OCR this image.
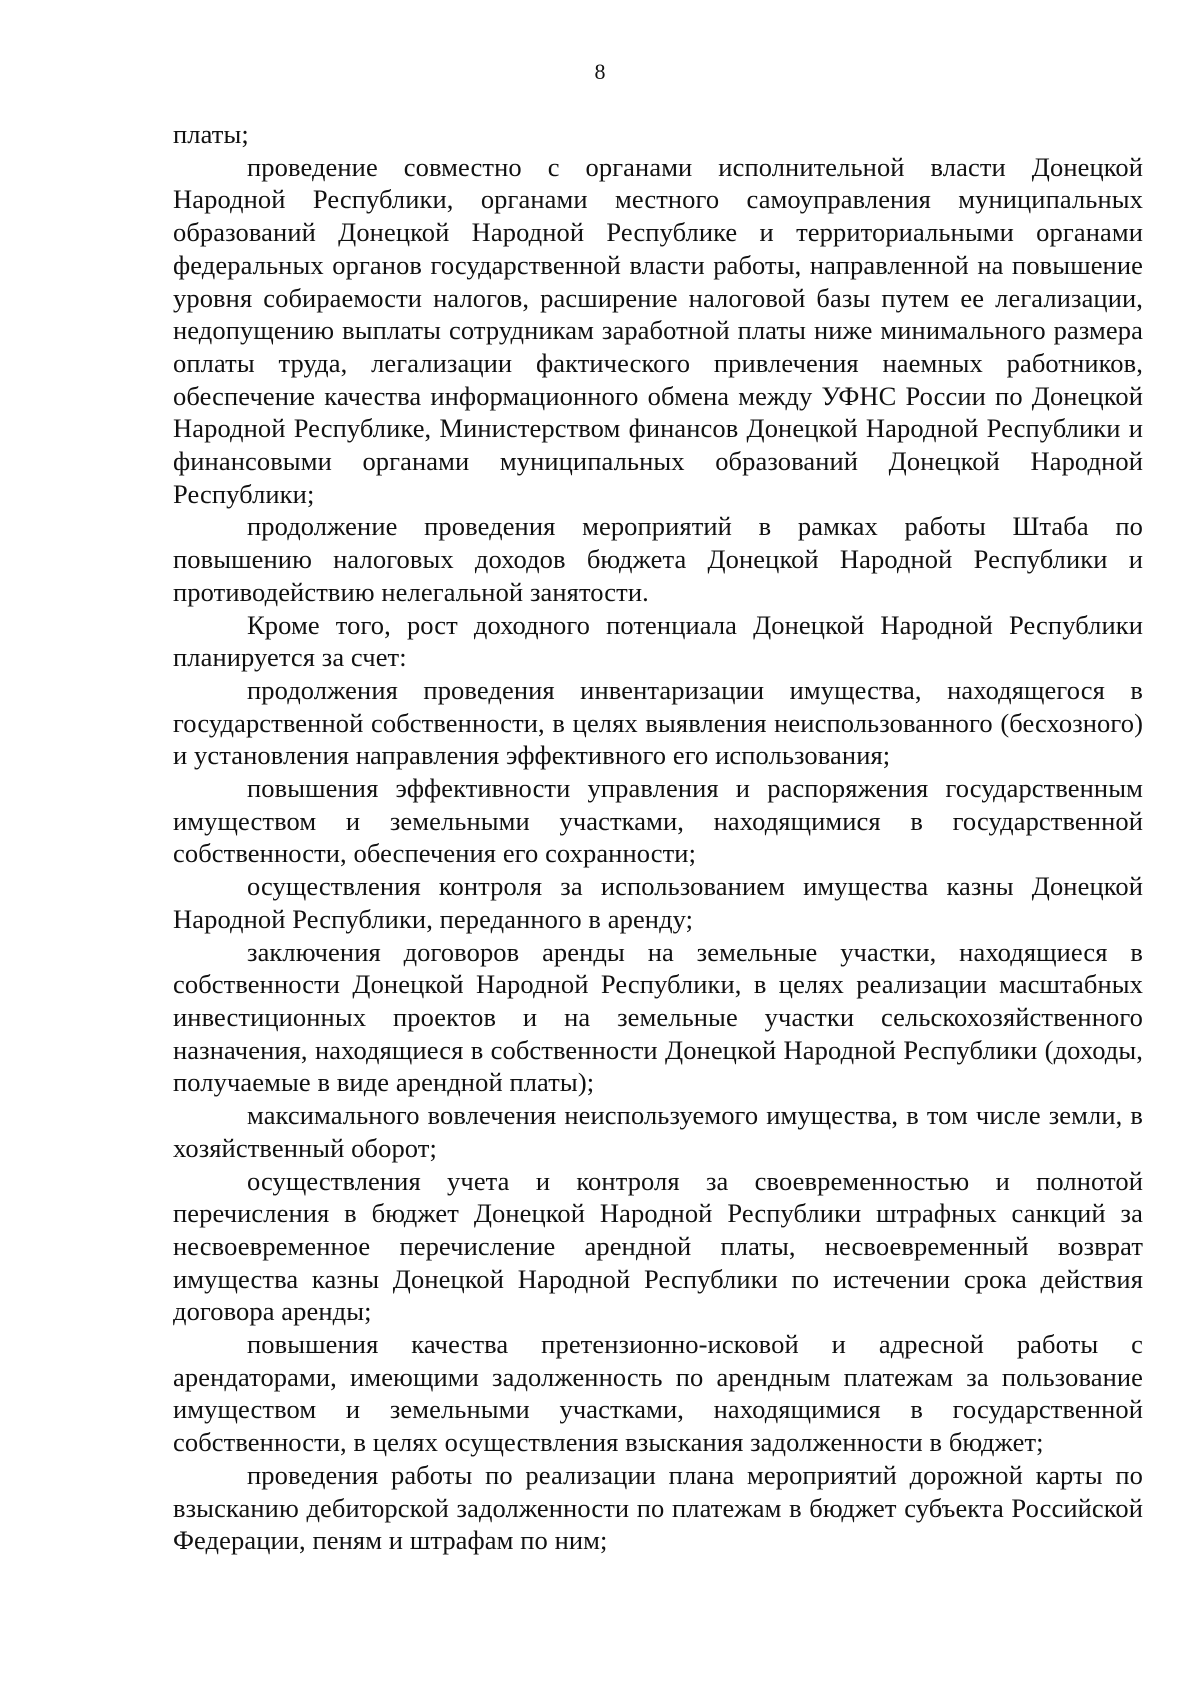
8

платы;

проведение совместно с органами исполнительной власти Донецкой Народной Республики, органами местного самоуправления муниципальных образований Донецкой Народной Республике и территориальными органами федеральных органов государственной власти работы, направленной на повышение уровня собираемости налогов, расширение налоговой базы путем ее легализации, недопущению выплаты сотрудникам заработной платы ниже минимального размера оплаты труда, легализации фактического привлечения наемных работников, обеспечение качества информационного обмена между УФНС России по Донецкой Народной Республике, Министерством финансов Донецкой Народной Республики и финансовыми органами муниципальных образований Донецкой Народной Республики;

продолжение проведения мероприятий в рамках работы Штаба по повышению налоговых доходов бюджета Донецкой Народной Республики и противодействию нелегальной занятости.

Кроме того, рост доходного потенциала Донецкой Народной Республики планируется за счет:

продолжения проведения инвентаризации имущества, находящегося в государственной собственности, в целях выявления неиспользованного (бесхозного) и установления направления эффективного его использования;

повышения эффективности управления и распоряжения государственным имуществом и земельными участками, находящимися в государственной собственности, обеспечения его сохранности;

осуществления контроля за использованием имущества казны Донецкой Народной Республики, переданного в аренду;

заключения договоров аренды на земельные участки, находящиеся в собственности Донецкой Народной Республики, в целях реализации масштабных инвестиционных проектов и на земельные участки сельскохозяйственного назначения, находящиеся в собственности Донецкой Народной Республики (доходы, получаемые в виде арендной платы);

максимального вовлечения неиспользуемого имущества, в том числе земли, в хозяйственный оборот;

осуществления учета и контроля за своевременностью и полнотой перечисления в бюджет Донецкой Народной Республики штрафных санкций за несвоевременное перечисление арендной платы, несвоевременный возврат имущества казны Донецкой Народной Республики по истечении срока действия договора аренды;

повышения качества претензионно-исковой и адресной работы с арендаторами, имеющими задолженность по арендным платежам за пользование имуществом и земельными участками, находящимися в государственной собственности, в целях осуществления взыскания задолженности в бюджет;

проведения работы по реализации плана мероприятий дорожной карты по взысканию дебиторской задолженности по платежам в бюджет субъекта Российской Федерации, пеням и штрафам по ним;
